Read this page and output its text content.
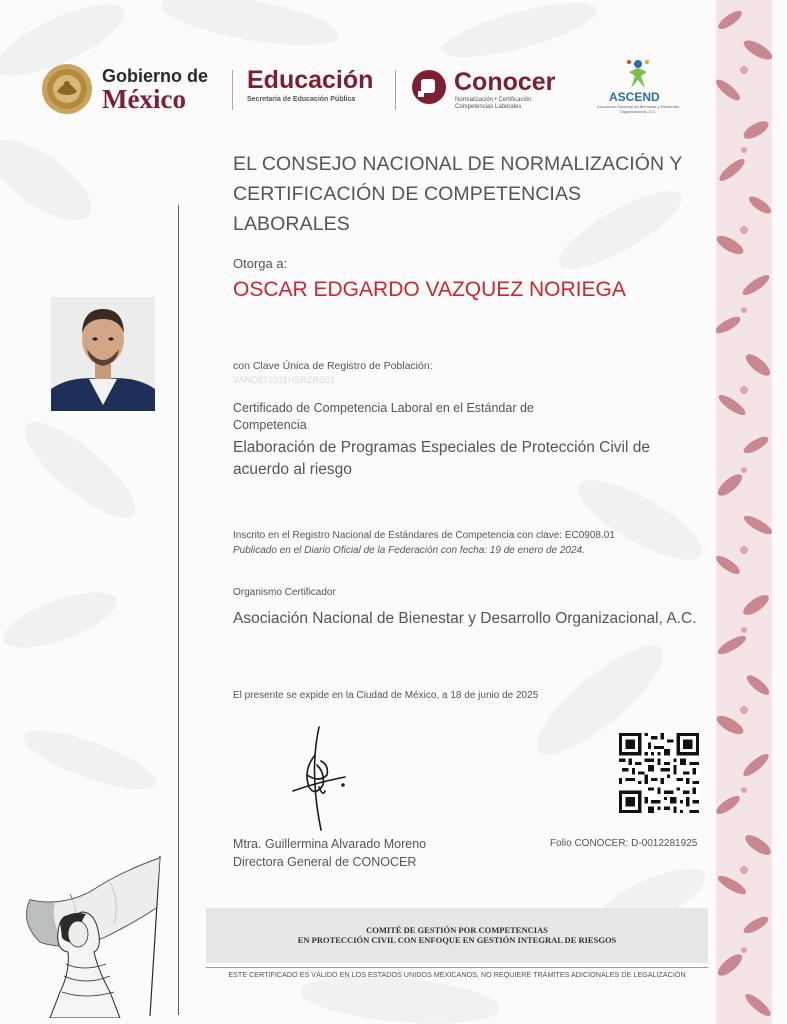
Gobierno de
México
Educación
Secretaría de Educación Pública
Conocer
Normalización • Certificación Competencias Laborales
ASCEND
Asociación Nacional de Bienestar y Desarrollo Organizacional, A.C.
EL CONSEJO NACIONAL DE NORMALIZACIÓN Y CERTIFICACIÓN DE COMPETENCIAS LABORALES
Otorga a:
OSCAR EDGARDO VAZQUEZ NORIEGA
con Clave Única de Registro de Población:
VANO871031HSRZRS01
Certificado de Competencia Laboral en el Estándar de Competencia
Elaboración de Programas Especiales de Protección Civil de acuerdo al riesgo
Inscrito en el Registro Nacional de Estándares de Competencia con clave: EC0908.01
Publicado en el Diario Oficial de la Federación con fecha: 19 de enero de 2024.
Organismo Certificador
Asociación Nacional de Bienestar y Desarrollo Organizacional, A.C.
El presente se expide en la Ciudad de México, a 18 de junio de 2025
Mtra. Guillermina Alvarado Moreno
Directora General de CONOCER
Folio CONOCER: D-0012281925
COMITÉ DE GESTIÓN POR COMPETENCIAS
EN PROTECCIÓN CIVIL CON ENFOQUE EN GESTIÓN INTEGRAL DE RIESGOS
ESTE CERTIFICADO ES VÁLIDO EN LOS ESTADOS UNIDOS MEXICANOS, NO REQUIERE TRÁMITES ADICIONALES DE LEGALIZACIÓN
